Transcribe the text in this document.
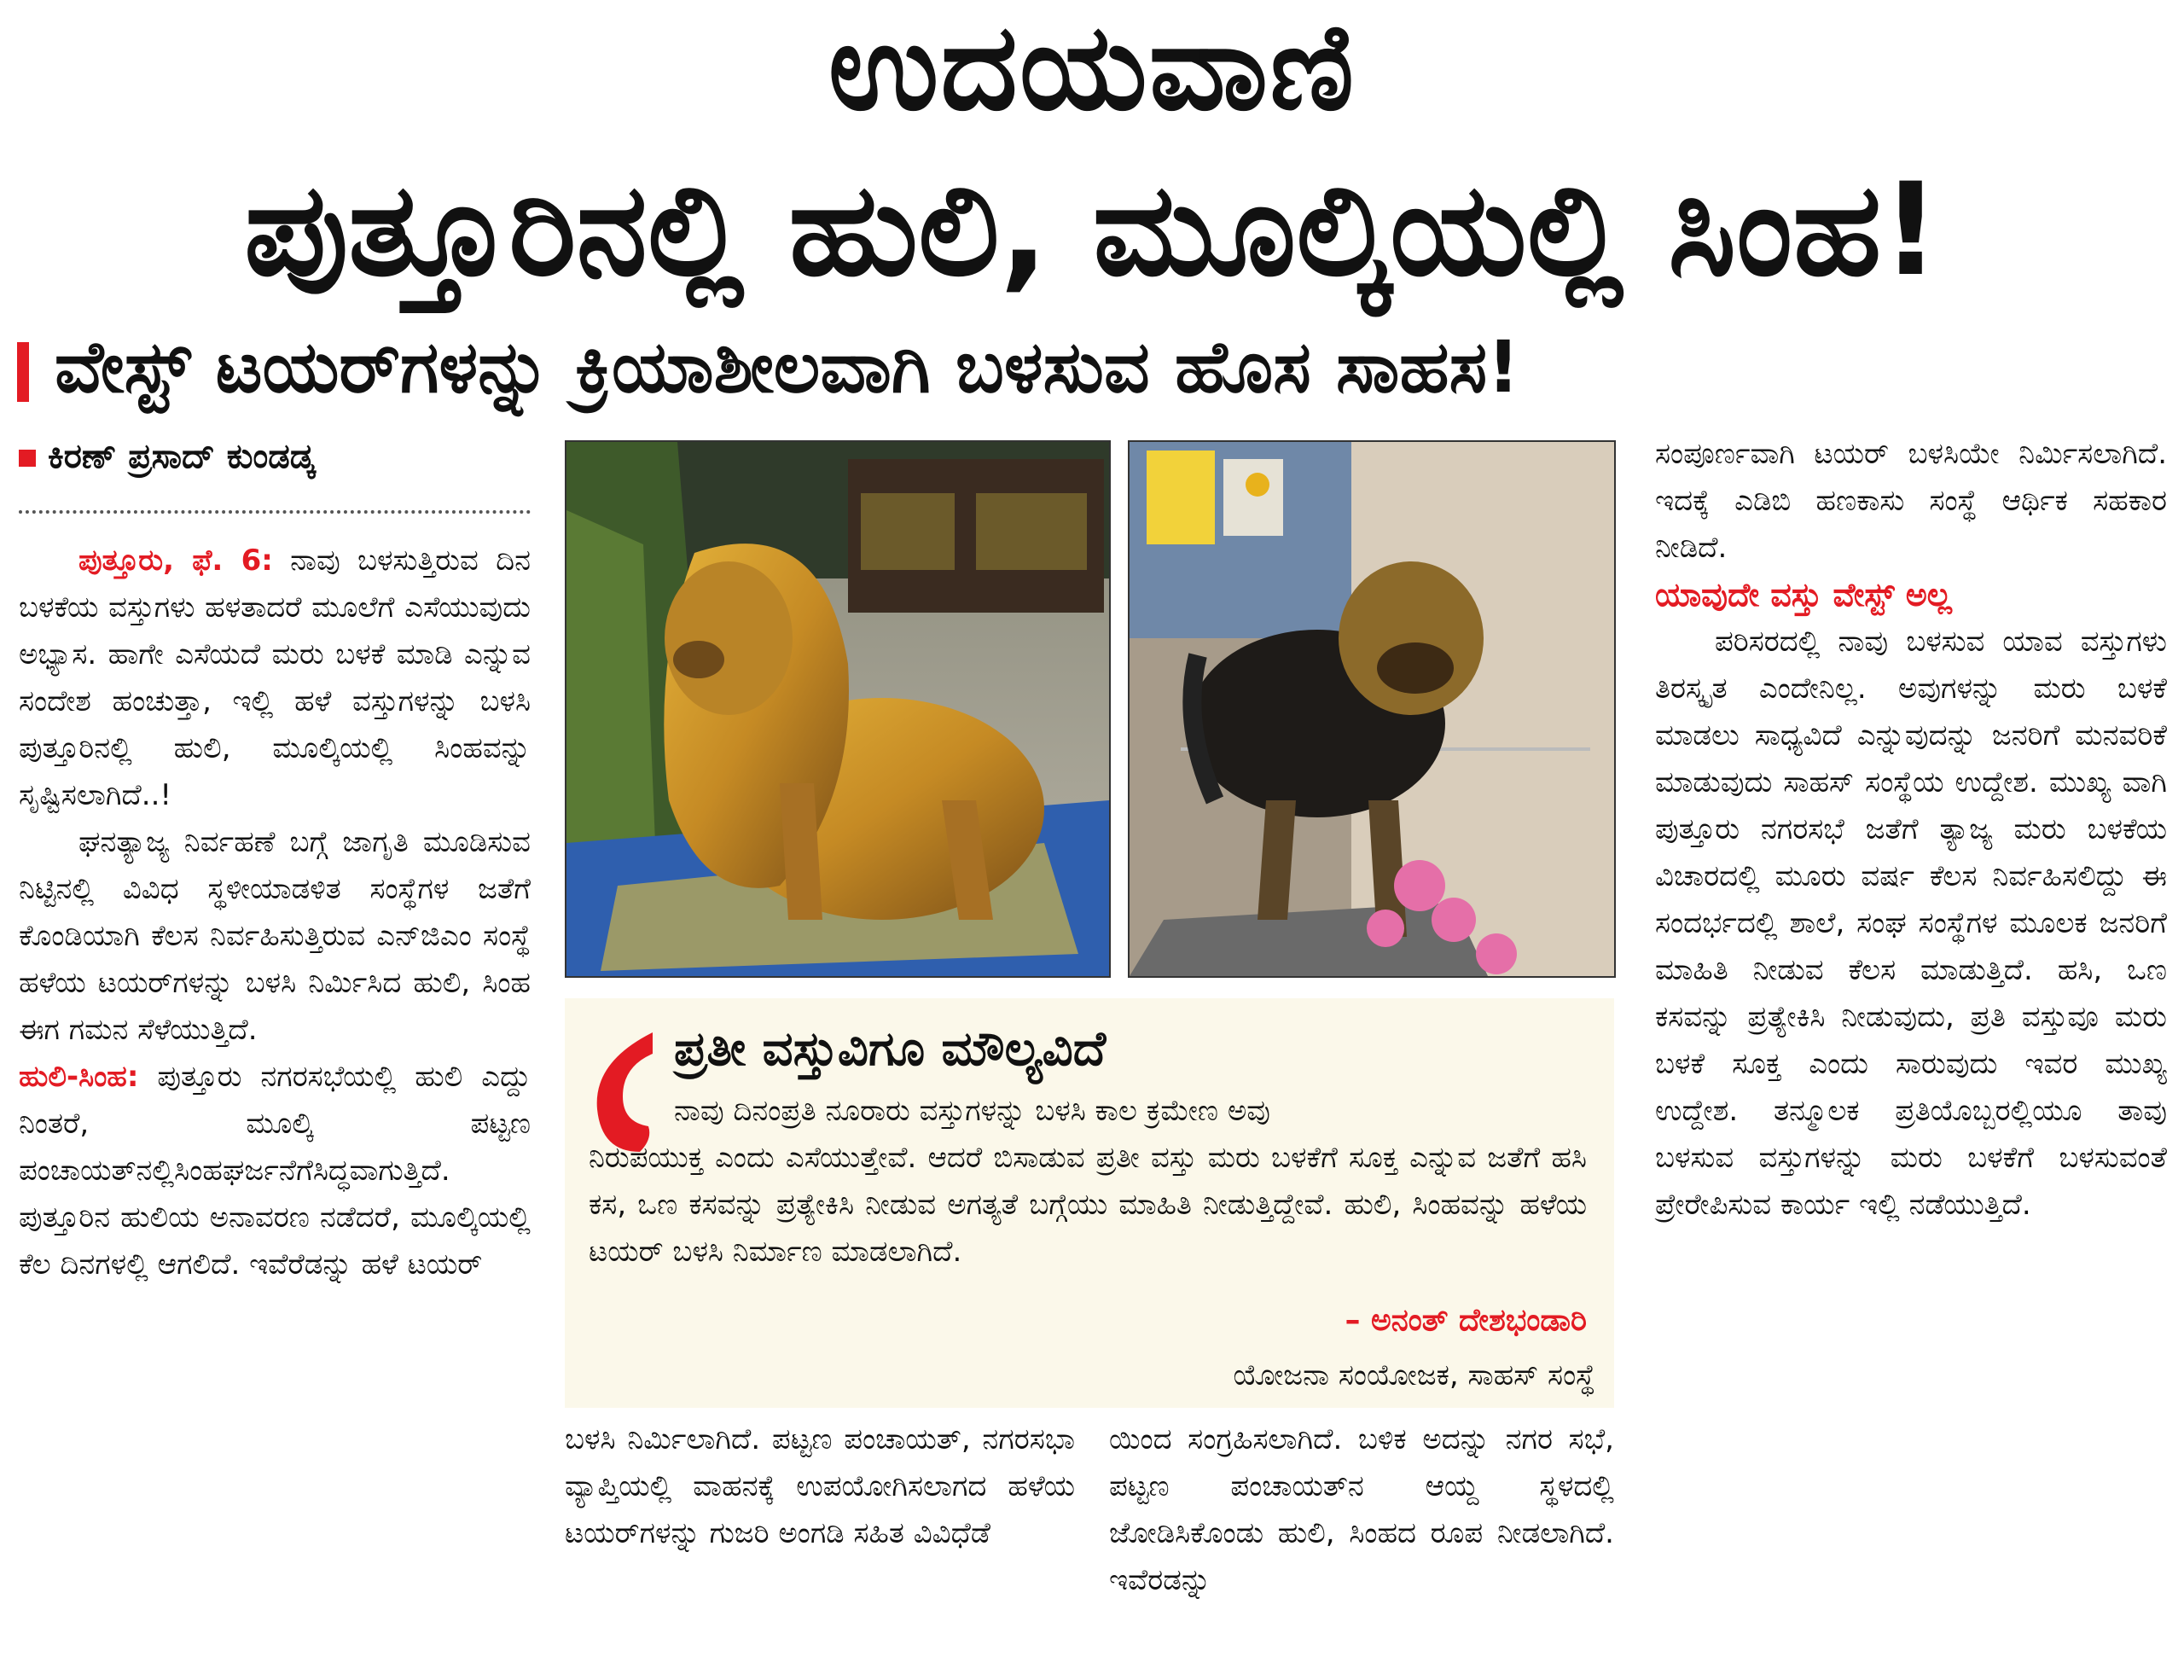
ಉದಯವಾಣಿ
ಪುತ್ತೂರಿನಲ್ಲಿ ಹುಲಿ, ಮೂಲ್ಕಿಯಲ್ಲಿ ಸಿಂಹ!
ವೇಸ್ಟ್‌ ಟಯರ್‌ಗಳನ್ನು ಕ್ರಿಯಾಶೀಲವಾಗಿ ಬಳಸುವ ಹೊಸ ಸಾಹಸ!
ಕಿರಣ್‌ ಪ್ರಸಾದ್‌ ಕುಂಡಡ್ಕ

ಪುತ್ತೂರು, ಫೆ. 6: ನಾವು ಬಳಸುತ್ತಿರುವ ದಿನ ಬಳಕೆಯ ವಸ್ತುಗಳು ಹಳತಾದರೆ ಮೂಲೆಗೆ ಎಸೆಯುವುದು ಅಭ್ಯಾಸ. ಹಾಗೇ ಎಸೆಯದೆ ಮರು ಬಳಕೆ ಮಾಡಿ ಎನ್ನುವ ಸಂದೇಶ ಹಂಚುತ್ತಾ, ಇಲ್ಲಿ ಹಳೆ ವಸ್ತುಗಳನ್ನು ಬಳಸಿ ಪುತ್ತೂರಿನಲ್ಲಿ ಹುಲಿ, ಮೂಲ್ಕಿಯಲ್ಲಿ ಸಿಂಹವನ್ನು ಸೃಷ್ಟಿಸಲಾಗಿದೆ..!

ಘನತ್ಯಾಜ್ಯ ನಿರ್ವಹಣೆ ಬಗ್ಗೆ ಜಾಗೃತಿ ಮೂಡಿಸುವ ನಿಟ್ಟಿನಲ್ಲಿ ವಿವಿಧ ಸ್ಥಳೀಯಾಡಳಿತ ಸಂಸ್ಥೆಗಳ ಜತೆಗೆ ಕೊಂಡಿಯಾಗಿ ಕೆಲಸ ನಿರ್ವಹಿಸುತ್ತಿರುವ ಎನ್‌ಜಿಎಂ ಸಂಸ್ಥೆ ಹಳೆಯ ಟಯರ್‌ಗಳನ್ನು ಬಳಸಿ ನಿರ್ಮಿಸಿದ ಹುಲಿ, ಸಿಂಹ ಈಗ ಗಮನ ಸೆಳೆಯುತ್ತಿದೆ.

ಹುಲಿ-ಸಿಂಹ: ಪುತ್ತೂರು ನಗರಸಭೆಯಲ್ಲಿ ಹುಲಿ ಎದ್ದು ನಿಂತರೆ, ಮೂಲ್ಕಿ ಪಟ್ಟಣ ಪಂಚಾಯತ್‌ನಲ್ಲಿಸಿಂಹಘರ್ಜನೆಗೆಸಿದ್ಧವಾಗುತ್ತಿದೆ. ಪುತ್ತೂರಿನ ಹುಲಿಯ ಅನಾವರಣ ನಡೆದರೆ, ಮೂಲ್ಕಿಯಲ್ಲಿ ಕೆಲ ದಿನಗಳಲ್ಲಿ ಆಗಲಿದೆ. ಇವೆರೆಡನ್ನು ಹಳೆ ಟಯರ್‌

ಪ್ರತೀ ವಸ್ತುವಿಗೂ ಮೌಲ್ಯವಿದೆ

ನಾವು ದಿನಂಪ್ರತಿ ನೂರಾರು ವಸ್ತುಗಳನ್ನು ಬಳಸಿ ಕಾಲ ಕ್ರಮೇಣ ಅವು

ನಿರುಪಯುಕ್ತ ಎಂದು ಎಸೆಯುತ್ತೇವೆ. ಆದರೆ ಬಿಸಾಡುವ ಪ್ರತೀ ವಸ್ತು ಮರು ಬಳಕೆಗೆ ಸೂಕ್ತ ಎನ್ನುವ ಜತೆಗೆ ಹಸಿ ಕಸ, ಒಣ ಕಸವನ್ನು ಪ್ರತ್ಯೇಕಿಸಿ ನೀಡುವ ಅಗತ್ಯತೆ ಬಗ್ಗೆಯು ಮಾಹಿತಿ ನೀಡುತ್ತಿದ್ದೇವೆ. ಹುಲಿ, ಸಿಂಹವನ್ನು ಹಳೆಯ ಟಯರ್‌ ಬಳಸಿ ನಿರ್ಮಾಣ ಮಾಡಲಾಗಿದೆ.

– ಅನಂತ್‌ ದೇಶಭಂಡಾರಿ
ಯೋಜನಾ ಸಂಯೋಜಕ, ಸಾಹಸ್‌ ಸಂಸ್ಥೆ

ಬಳಸಿ ನಿರ್ಮಿಲಾಗಿದೆ. ಪಟ್ಟಣ ಪಂಚಾಯತ್‌, ನಗರಸಭಾ ವ್ಯಾಪ್ತಿಯಲ್ಲಿ ವಾಹನಕ್ಕೆ ಉಪಯೋಗಿಸಲಾಗದ ಹಳೆಯ ಟಯರ್‌ಗಳನ್ನು ಗುಜರಿ ಅಂಗಡಿ ಸಹಿತ ವಿವಿಧೆಡೆ

ಯಿಂದ ಸಂಗ್ರಹಿಸಲಾಗಿದೆ. ಬಳಿಕ ಅದನ್ನು ನಗರ ಸಭೆ, ಪಟ್ಟಣ ಪಂಚಾಯತ್‌ನ ಆಯ್ದ ಸ್ಥಳದಲ್ಲಿ ಜೋಡಿಸಿಕೊಂಡು ಹುಲಿ, ಸಿಂಹದ ರೂಪ ನೀಡಲಾಗಿದೆ. ಇವೆರಡನ್ನು

ಸಂಪೂರ್ಣವಾಗಿ ಟಯರ್‌ ಬಳಸಿಯೇ ನಿರ್ಮಿಸಲಾಗಿದೆ. ಇದಕ್ಕೆ ಎಡಿಬಿ ಹಣಕಾಸು ಸಂಸ್ಥೆ ಆರ್ಥಿಕ ಸಹಕಾರ ನೀಡಿದೆ.

ಯಾವುದೇ ವಸ್ತು ವೇಸ್ಟ್‌ ಅಲ್ಲ

ಪರಿಸರದಲ್ಲಿ ನಾವು ಬಳಸುವ ಯಾವ ವಸ್ತುಗಳು ತಿರಸ್ಕೃತ ಎಂದೇನಿಲ್ಲ. ಅವುಗಳನ್ನು ಮರು ಬಳಕೆ ಮಾಡಲು ಸಾಧ್ಯವಿದೆ ಎನ್ನುವುದನ್ನು ಜನರಿಗೆ ಮನವರಿಕೆ ಮಾಡುವುದು ಸಾಹಸ್‌ ಸಂಸ್ಥೆಯ ಉದ್ದೇಶ. ಮುಖ್ಯ ವಾಗಿ ಪುತ್ತೂರು ನಗರಸಭೆ ಜತೆಗೆ ತ್ಯಾಜ್ಯ ಮರು ಬಳಕೆಯ ವಿಚಾರದಲ್ಲಿ ಮೂರು ವರ್ಷ ಕೆಲಸ ನಿರ್ವಹಿಸಲಿದ್ದು ಈ ಸಂದರ್ಭದಲ್ಲಿ ಶಾಲೆ, ಸಂಘ ಸಂಸ್ಥೆಗಳ ಮೂಲಕ ಜನರಿಗೆ ಮಾಹಿತಿ ನೀಡುವ ಕೆಲಸ ಮಾಡುತ್ತಿದೆ. ಹಸಿ, ಒಣ ಕಸವನ್ನು ಪ್ರತ್ಯೇಕಿಸಿ ನೀಡುವುದು, ಪ್ರತಿ ವಸ್ತುವೂ ಮರು ಬಳಕೆ ಸೂಕ್ತ ಎಂದು ಸಾರುವುದು ಇವರ ಮುಖ್ಯ ಉದ್ದೇಶ. ತನ್ಮೂಲಕ ಪ್ರತಿಯೊಬ್ಬರಲ್ಲಿಯೂ ತಾವು ಬಳಸುವ ವಸ್ತುಗಳನ್ನು ಮರು ಬಳಕೆಗೆ ಬಳಸುವಂತೆ ಪ್ರೇರೇಪಿಸುವ ಕಾರ್ಯ ಇಲ್ಲಿ ನಡೆಯುತ್ತಿದೆ.
